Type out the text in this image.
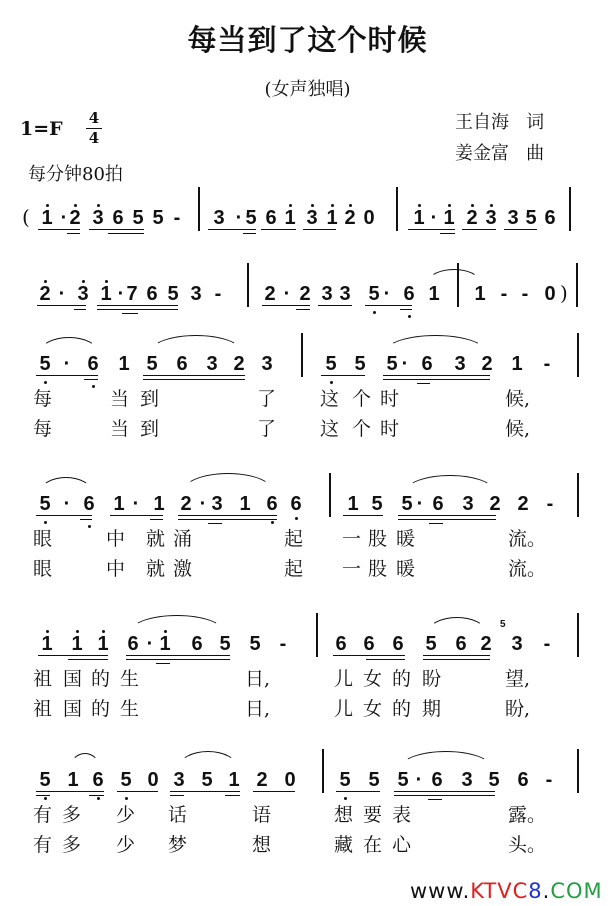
每当到了这个时候
(女声独唱)
王自海   词
姜金富   曲
1=F 4
4
每分钟80拍
( 1 · 2 3 6 5 5 - 3 · 5 6 1 3 1 2 0 1 · 1 2 3 3 5 6
)
2 · 3 1 · 7 6 5 3 - 2 · 2 3 3 5 · 6 1 1 - - 0
5 · 6 1 5 6 3 2 3	5 5 5 · 6 3 2 1 -
每	当 到	了 这 个 时	候,
每	当 到	了 这 个 时	候,
5 · 6 1 · 1 2 · 3 1 6 6 1 5 5 · 6 3 2 2 -
眼	中 就 涌	起 一 股 暖	流。
眼	中 就 激	起 一 股 暖	流。
1 1 1 6 · 1 6 5 5 - 6 6 6 5 6 2 3 -
5
祖 国 的 生	日,	儿 女 的 盼	望,
祖 国 的 生	日,	儿 女 的 期	盼,
5 1 6 5 0 3 5 1 2 0 5 5 5 · 6 3 5 6 -
有 多 少 话	语	想 要 表	露。
有 多 少 梦	想	藏 在 心	头。
www.KTVC8.COM
